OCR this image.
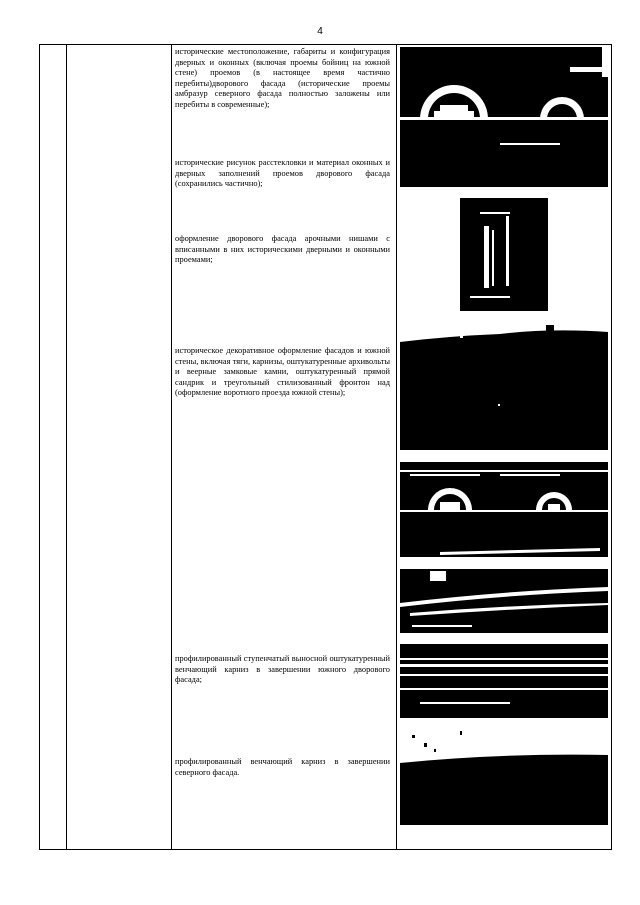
4
исторические местоположение, габариты и конфигурация дверных и оконных (включая проемы бойниц на южной стене) проемов (в настоящее время частично перебиты)дворового фасада (исторические проемы амбразур северного фасада полностью заложены или перебиты в современные);
исторические рисунок расстекловки и материал оконных и дверных заполнений проемов дворового фасада (сохранились частично);
оформление дворового фасада арочными нишами с вписанными в них историческими дверными и оконными проемами;
историческое декоративное оформление фасадов и южной стены, включая тяги, карнизы, оштукатуренные архивольты и веерные замковые камни, оштукатуренный прямой сандрик и треугольный стилизованный фронтон над (оформление воротного проезда южной стены);
профилированный ступенчатый выносной оштукатуренный венчающий карниз в завершении южного дворового фасада;
профилированный венчающий карниз в завершении северного фасада.
